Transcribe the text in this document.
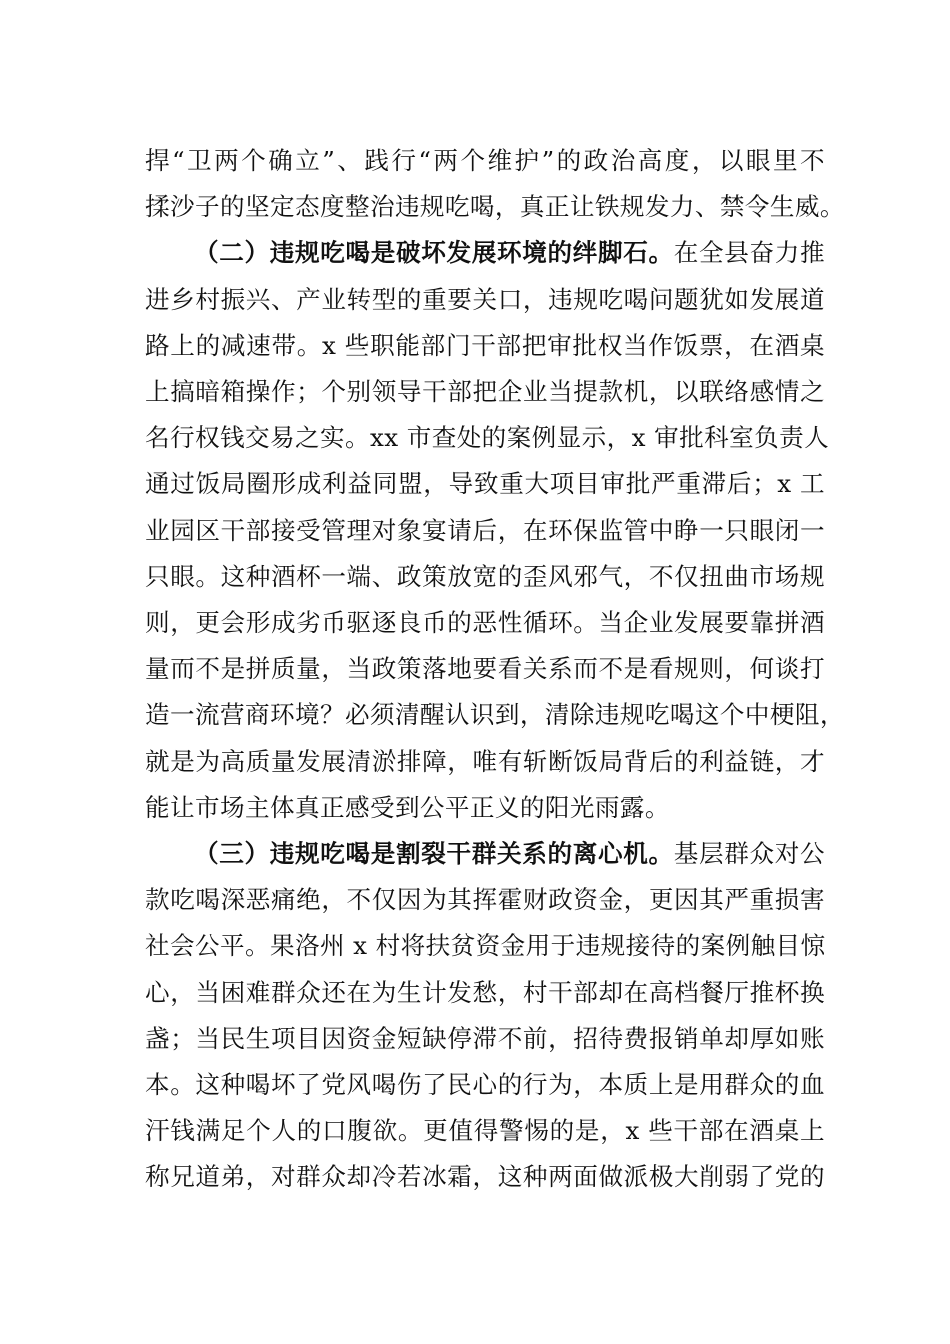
捍“卫两个确立”、践行“两个维护”的政治高度，以眼里不
揉沙子的坚定态度整治违规吃喝，真正让铁规发力、禁令生威。

（二）违规吃喝是破坏发展环境的绊脚石。在全县奋力推
进乡村振兴、产业转型的重要关口，违规吃喝问题犹如发展道
路上的减速带。x 些职能部门干部把审批权当作饭票，在酒桌
上搞暗箱操作；个别领导干部把企业当提款机，以联络感情之
名行权钱交易之实。xx 市查处的案例显示，x 审批科室负责人
通过饭局圈形成利益同盟，导致重大项目审批严重滞后；x 工
业园区干部接受管理对象宴请后，在环保监管中睁一只眼闭一
只眼。这种酒杯一端、政策放宽的歪风邪气，不仅扭曲市场规
则，更会形成劣币驱逐良币的恶性循环。当企业发展要靠拼酒
量而不是拼质量，当政策落地要看关系而不是看规则，何谈打
造一流营商环境？必须清醒认识到，清除违规吃喝这个中梗阻，
就是为高质量发展清淤排障，唯有斩断饭局背后的利益链，才
能让市场主体真正感受到公平正义的阳光雨露。

（三）违规吃喝是割裂干群关系的离心机。基层群众对公
款吃喝深恶痛绝，不仅因为其挥霍财政资金，更因其严重损害
社会公平。果洛州 x 村将扶贫资金用于违规接待的案例触目惊
心，当困难群众还在为生计发愁，村干部却在高档餐厅推杯换
盏；当民生项目因资金短缺停滞不前，招待费报销单却厚如账
本。这种喝坏了党风喝伤了民心的行为，本质上是用群众的血
汗钱满足个人的口腹欲。更值得警惕的是，x 些干部在酒桌上
称兄道弟，对群众却冷若冰霜，这种两面做派极大削弱了党的
